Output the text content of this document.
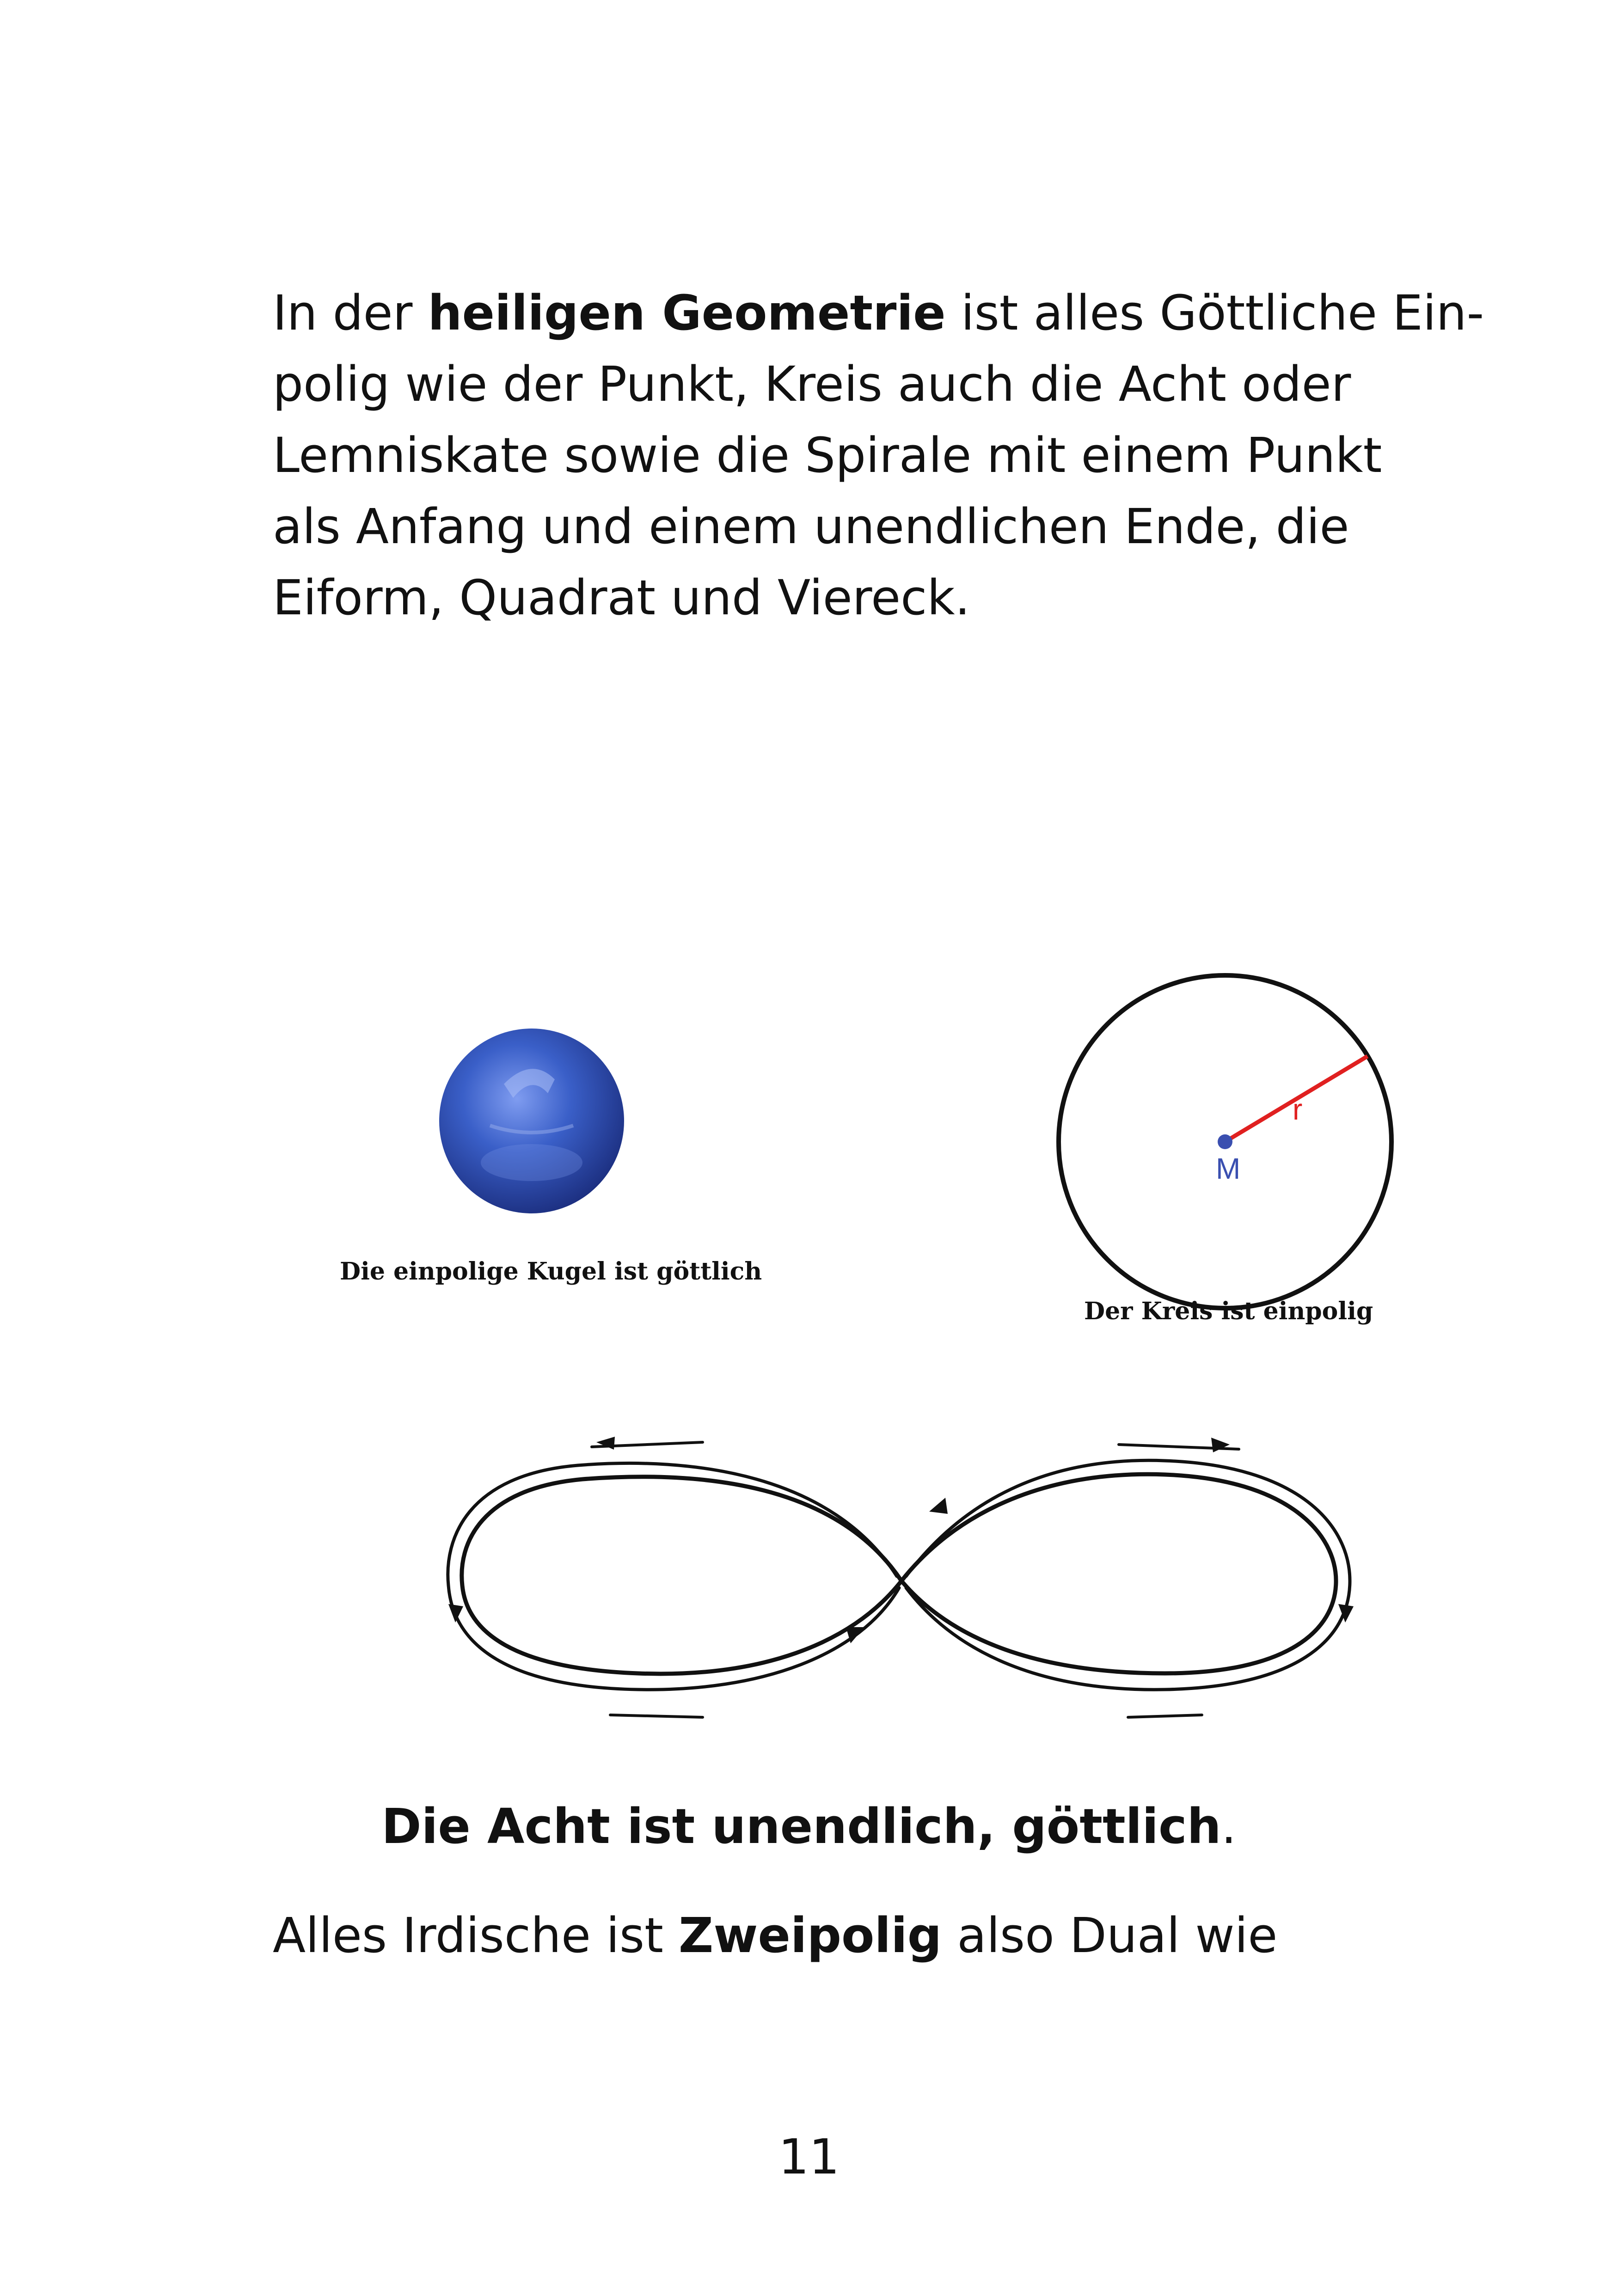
In der heiligen Geometrie ist alles Göttliche Ein-
polig wie der Punkt, Kreis auch die Acht oder
Lemniskate sowie die Spirale mit einem Punkt
als Anfang und einem unendlichen Ende, die
Eiform, Quadrat und Viereck.
Die einpolige Kugel ist göttlich
M
r
Der Kreis ist einpolig
Die Acht ist unendlich, göttlich.
Alles Irdische ist Zweipolig also Dual wie
11
